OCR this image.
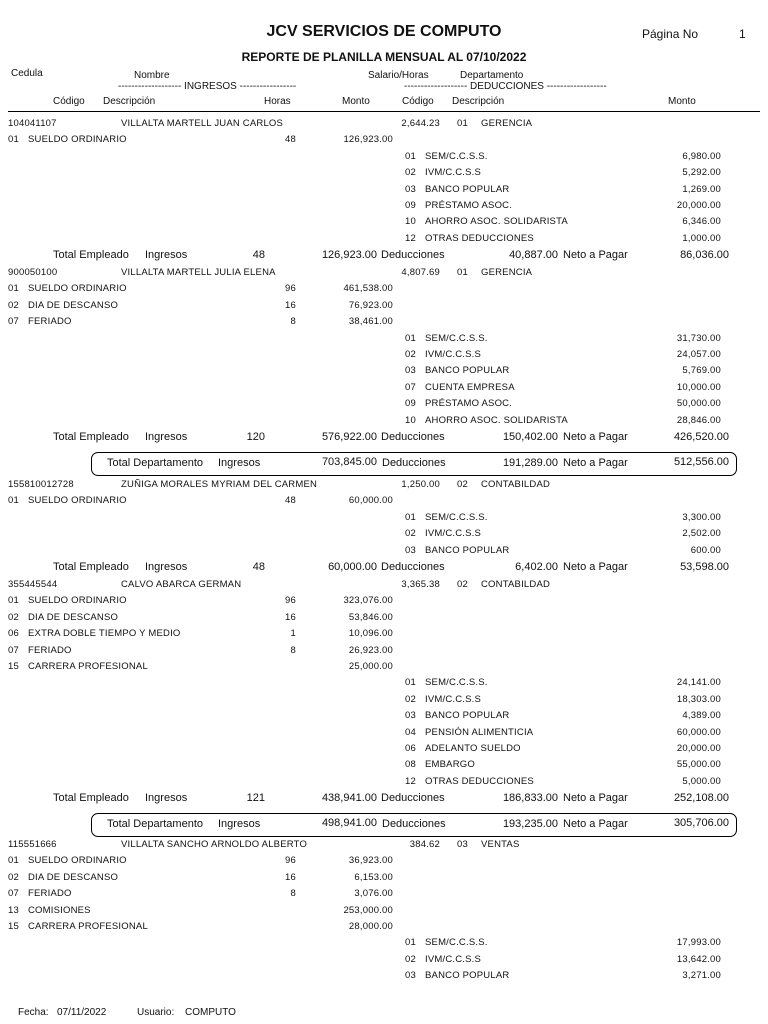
JCV SERVICIOS DE COMPUTO	Página No	1
REPORTE DE PLANILLA MENSUAL AL 07/10/2022
Cedula	Nombre	Salario/Horas	Departamento
------------------- INGRESOS -----------------	------------------- DEDUCCIONES ------------------
Código Descripción	Horas	Monto	Código Descripción	Monto
104041107	VILLALTA MARTELL JUAN CARLOS	2,644.23 01 GERENCIA
01 SUELDO ORDINARIO	48	126,923.00
01 SEM/C.C.S.S.	6,980.00
02 IVM/C.C.S.S	5,292.00
03 BANCO POPULAR	1,269.00
09 PRÉSTAMO ASOC.	20,000.00
10 AHORRO ASOC. SOLIDARISTA	6,346.00
12 OTRAS DEDUCCIONES	1,000.00
Total Empleado Ingresos	48	126,923.00 Deducciones	40,887.00 Neto a Pagar	86,036.00
900050100	VILLALTA MARTELL JULIA ELENA	4,807.69 01 GERENCIA
01 SUELDO ORDINARIO	96	461,538.00
02 DIA DE DESCANSO	16	76,923.00
07 FERIADO	8	38,461.00
01 SEM/C.C.S.S.	31,730.00
02 IVM/C.C.S.S	24,057.00
03 BANCO POPULAR	5,769.00
07 CUENTA EMPRESA	10,000.00
09 PRÉSTAMO ASOC.	50,000.00
10 AHORRO ASOC. SOLIDARISTA	28,846.00
Total Empleado Ingresos	120	576,922.00 Deducciones	150,402.00 Neto a Pagar	426,520.00
Total Departamento Ingresos	703,845.00 Deducciones	191,289.00 Neto a Pagar	512,556.00
155810012728	ZUÑIGA MORALES MYRIAM DEL CARMEN	1,250.00 02 CONTABILDAD
01 SUELDO ORDINARIO	48	60,000.00
01 SEM/C.C.S.S.	3,300.00
02 IVM/C.C.S.S	2,502.00
03 BANCO POPULAR	600.00
Total Empleado Ingresos	48	60,000.00 Deducciones	6,402.00 Neto a Pagar	53,598.00
355445544	CALVO ABARCA GERMAN	3,365.38 02 CONTABILDAD
01 SUELDO ORDINARIO	96	323,076.00
02 DIA DE DESCANSO	16	53,846.00
06 EXTRA DOBLE TIEMPO Y MEDIO	1	10,096.00
07 FERIADO	8	26,923.00
15 CARRERA PROFESIONAL	25,000.00
01 SEM/C.C.S.S.	24,141.00
02 IVM/C.C.S.S	18,303.00
03 BANCO POPULAR	4,389.00
04 PENSIÓN ALIMENTICIA	60,000.00
06 ADELANTO SUELDO	20,000.00
08 EMBARGO	55,000.00
12 OTRAS DEDUCCIONES	5,000.00
Total Empleado Ingresos	121	438,941.00 Deducciones	186,833.00 Neto a Pagar	252,108.00
Total Departamento Ingresos	498,941.00 Deducciones	193,235.00 Neto a Pagar	305,706.00
115551666	VILLALTA SANCHO ARNOLDO ALBERTO	384.62 03 VENTAS
01 SUELDO ORDINARIO	96	36,923.00
02 DIA DE DESCANSO	16	6,153.00
07 FERIADO	8	3,076.00
13 COMISIONES	253,000.00
15 CARRERA PROFESIONAL	28,000.00
01 SEM/C.C.S.S.	17,993.00
02 IVM/C.C.S.S	13,642.00
03 BANCO POPULAR	3,271.00
Fecha: 07/11/2022	Usuario: COMPUTO
